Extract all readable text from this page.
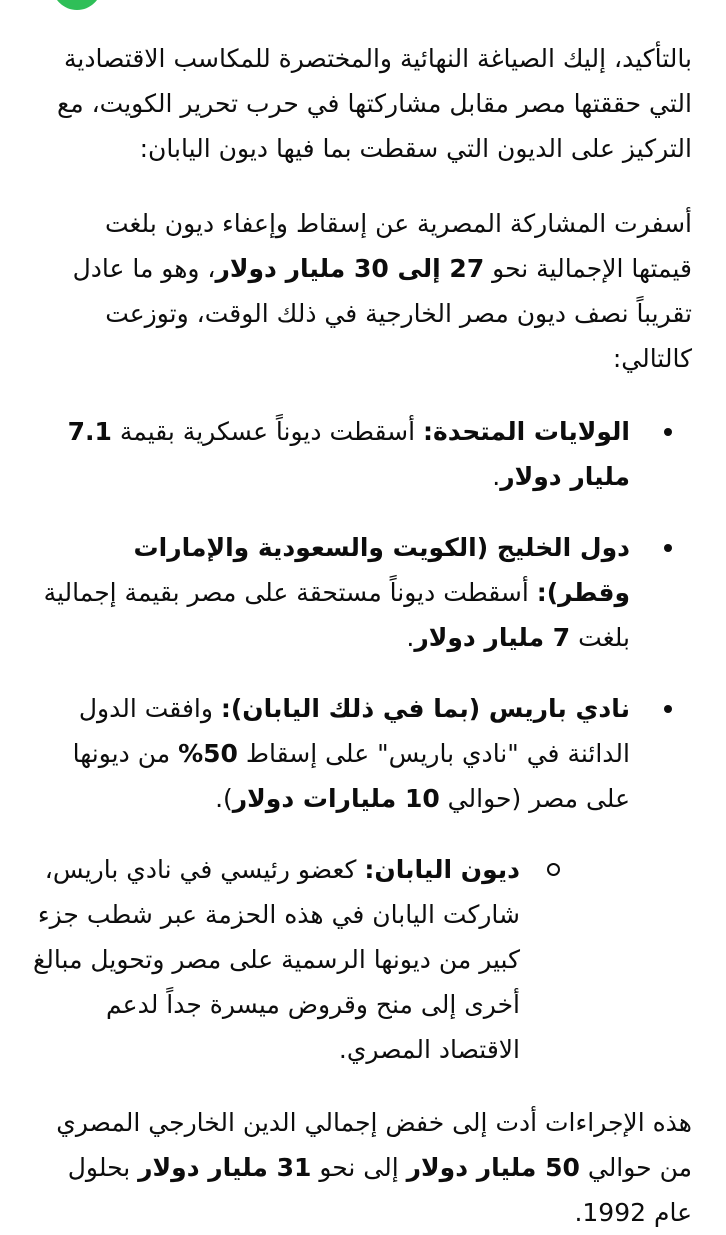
بالتأكيد، إليك الصياغة النهائية والمختصرة للمكاسب الاقتصادية التي حققتها مصر مقابل مشاركتها في حرب تحرير الكويت، مع التركيز على الديون التي سقطت بما فيها ديون اليابان:

أسفرت المشاركة المصرية عن إسقاط وإعفاء ديون بلغت قيمتها الإجمالية نحو 27 إلى 30 مليار دولار، وهو ما عادل تقريباً نصف ديون مصر الخارجية في ذلك الوقت، وتوزعت كالتالي:

الولايات المتحدة: أسقطت ديوناً عسكرية بقيمة 7.1 مليار دولار.
دول الخليج (الكويت والسعودية والإمارات وقطر): أسقطت ديوناً مستحقة على مصر بقيمة إجمالية بلغت 7 مليار دولار.
نادي باريس (بما في ذلك اليابان): وافقت الدول الدائنة في "نادي باريس" على إسقاط 50% من ديونها على مصر (حوالي 10 مليارات دولار).
ديون اليابان: كعضو رئيسي في نادي باريس، شاركت اليابان في هذه الحزمة عبر شطب جزء كبير من ديونها الرسمية على مصر وتحويل مبالغ أخرى إلى منح وقروض ميسرة جداً لدعم الاقتصاد المصري.

هذه الإجراءات أدت إلى خفض إجمالي الدين الخارجي المصري من حوالي 50 مليار دولار إلى نحو 31 مليار دولار بحلول عام 1992.
